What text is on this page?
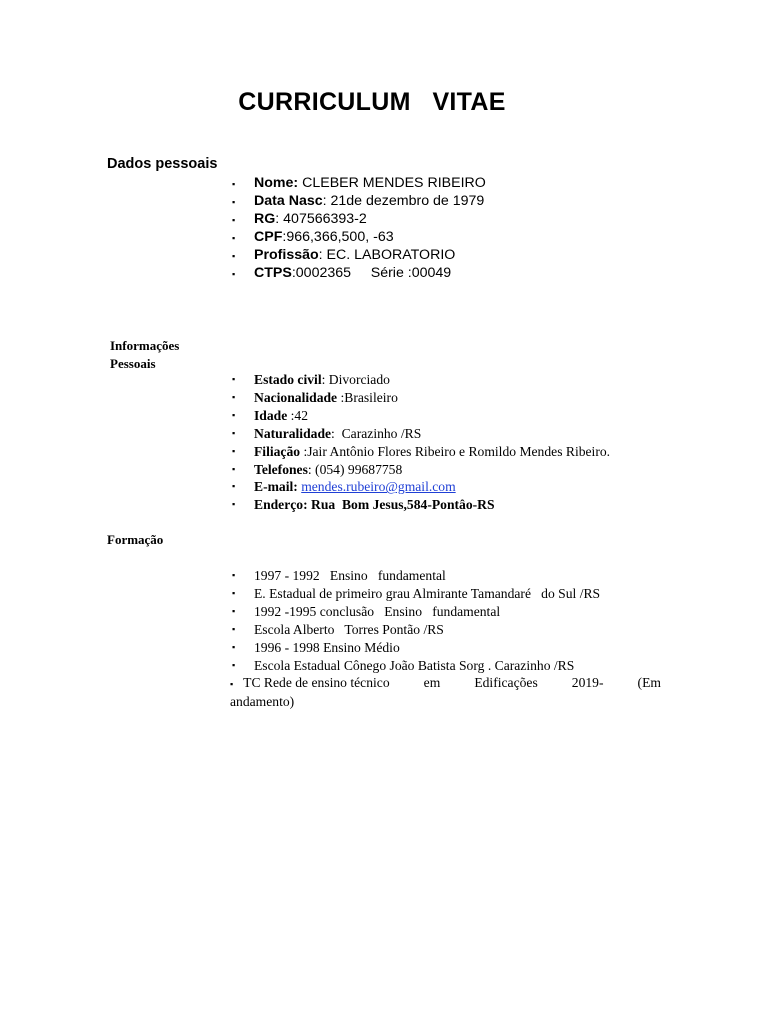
CURRICULUM   VITAE
Dados pessoais
▪ Nome: CLEBER MENDES RIBEIRO
▪ Data Nasc: 21de dezembro de 1979
▪ RG: 407566393-2
▪ CPF:966,366,500, -63
▪ Profissão: EC. LABORATORIO
▪ CTPS:0002365     Série :00049
Informações
Pessoais
▪ Estado civil: Divorciado
▪ Nacionalidade :Brasileiro
▪ Idade :42
▪ Naturalidade:  Carazinho /RS
▪ Filiação :Jair Antônio Flores Ribeiro e Romildo Mendes Ribeiro.
▪ Telefones: (054) 99687758
▪ E-mail: mendes.rubeiro@gmail.com
▪ Enderço: Rua  Bom Jesus,584-Pontâo-RS
Formação
▪ 1997 - 1992   Ensino   fundamental
▪ E. Estadual de primeiro grau Almirante Tamandaré   do Sul /RS
▪ 1992 -1995 conclusão   Ensino   fundamental
▪ Escola Alberto   Torres Pontão /RS
▪ 1996 - 1998 Ensino Médio
▪ Escola Estadual Cônego João Batista Sorg . Carazinho /RS
▪ TC Rede de ensino técnico	em	Edificações	2019-	(Em
andamento)
